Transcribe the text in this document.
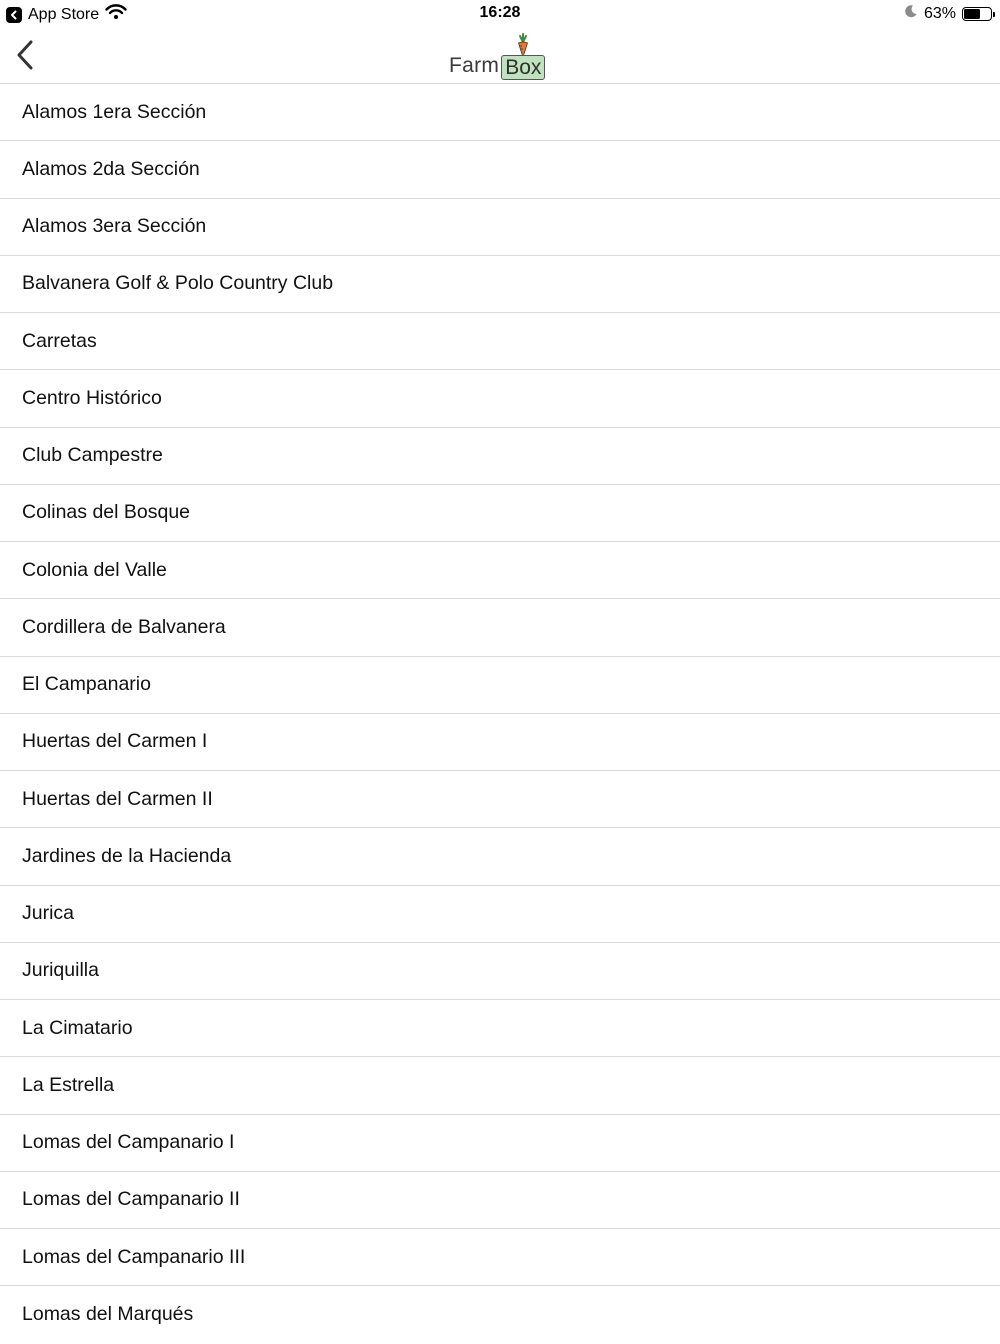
App Store	16:28	63%
Farm Box
Alamos 1era Sección
Alamos 2da Sección
Alamos 3era Sección
Balvanera Golf & Polo Country Club
Carretas
Centro Histórico
Club Campestre
Colinas del Bosque
Colonia del Valle
Cordillera de Balvanera
El Campanario
Huertas del Carmen I
Huertas del Carmen II
Jardines de la Hacienda
Jurica
Juriquilla
La Cimatario
La Estrella
Lomas del Campanario I
Lomas del Campanario II
Lomas del Campanario III
Lomas del Marqués
